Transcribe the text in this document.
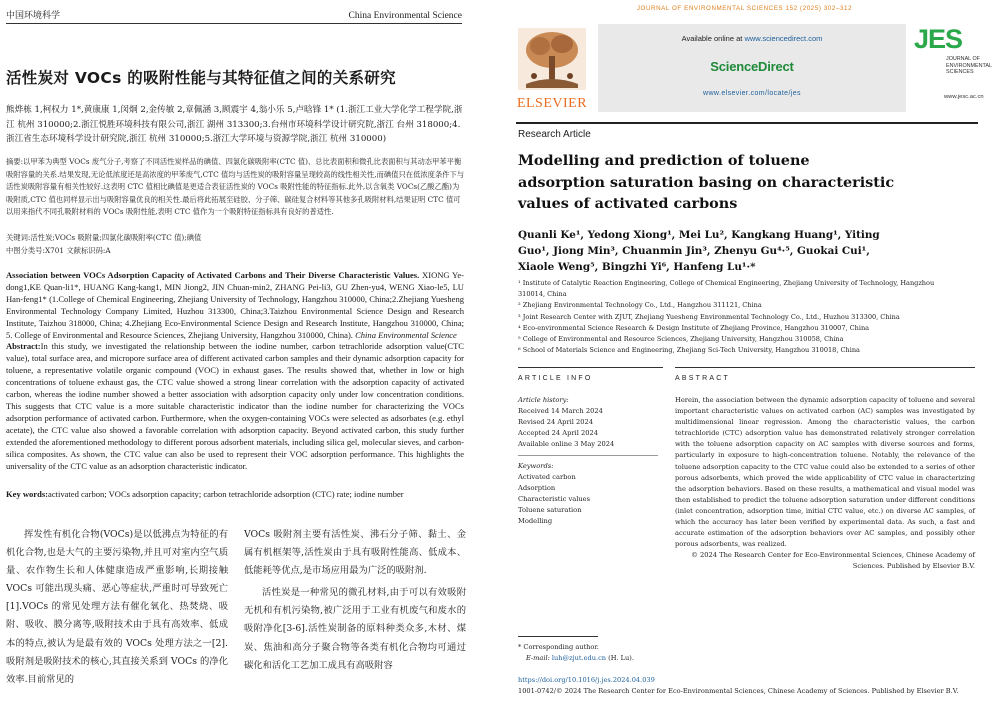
中国环境科学	China Environmental Science
活性炭对 VOCs 的吸附性能与其特征值之间的关系研究
熊烨栋 1,柯权力 1*,黄康康 1,闵炯 2,金传敏 2,章佩涵 3,顾震宇 4,翁小乐 5,卢晗锋 1* (1.浙江工业大学化学工程学院,浙江 杭州 310000;2.浙江悦胜环境科技有限公司,浙江 湖州 313300;3.台州市环境科学设计研究院,浙江 台州 318000;4.浙江省生态环境科学设计研究院,浙江 杭州 310000;5.浙江大学环境与资源学院,浙江 杭州 310000)
摘要:以甲苯为典型 VOCs 废气分子,考察了不同活性炭样品的碘值、四氯化碳吸附率(CTC 值)、总比表面积和微孔比表面积与其动态甲苯平衡吸附容量的关系.结果发现,无论低浓度还是高浓度的甲苯废气,CTC 值均与活性炭的吸附容量呈现较高的线性相关性,而碘值只在低浓度条件下与活性炭吸附容量有相关性较好.这表明 CTC 值相比碘值是更适合表征活性炭的 VOCs 吸附性能的特征指标.此外,以含氧类 VOCs(乙酸乙酯)为吸附质,CTC 值也同样显示出与吸附容量优良的相关性.最后将此拓展至硅胶、分子筛、碳硅复合材料等其他多孔吸附材料,结果证明 CTC 值可以用来指代不同孔吸附材料的 VOCs 吸附性能,表明 CTC 值作为一个吸附特征指标具有良好的普适性.
关键词:活性炭;VOCs 吸附量;四氯化碳吸附率(CTC 值);碘值
中图分类号:X701 文献标识码:A

Association between VOCs Adsorption Capacity of Activated Carbons and Their Diverse Characteristic Values. XIONG Ye-dong1,KE Quan-li1*, HUANG Kang-kang1, MIN Jiong2, JIN Chuan-min2, ZHANG Pei-li3, GU Zhen-yu4, WENG Xiao-le5, LU Han-feng1* (1.College of Chemical Engineering, Zhejiang University of Technology, Hangzhou 310000, China;2.Zhejiang Yuesheng Environmental Technology Company Limited, Huzhou 313300, China;3.Taizhou Environmental Science Design and Research Institute, Taizhou 318000, China; 4.Zhejiang Eco-Environmental Science Design and Research Institute, Hangzhou 310000, China; 5. College of Environmental and Resource Sciences, Zhejiang University, Hangzhou 310000, China). China Environmental Science

Abstract:In this study, we investigated the relationship between the iodine number, carbon tetrachloride adsorption value(CTC value), total surface area, and micropore surface area of different activated carbon samples and their dynamic adsorption capacity for toluene, a representative volatile organic compound (VOC) in exhaust gases. The results showed that, whether in low or high concentrations of toluene exhaust gas, the CTC value showed a strong linear correlation with the adsorption capacity of activated carbon, whereas the iodine number showed a better association with adsorption capacity only under low concentration conditions. This suggests that CTC value is a more suitable characteristic indicator than the iodine number for characterizing the VOCs adsorption performance of activated carbon. Furthermore, when the oxygen-containing VOCs were selected as adsorbates (e.g. ethyl acetate), the CTC value also showed a favorable correlation with adsorption capacity. Beyond activated carbon, this study further extended the aforementioned methodology to different porous adsorbent materials, including silica gel, molecular sieves, and carbon-silica composites. As shown, the CTC value can also be used to represent their VOC adsorption performance. This highlights the universality of the CTC value as an adsorption characteristic indicator.

Key words:activated carbon; VOCs adsorption capacity; carbon tetrachloride adsorption (CTC) rate; iodine number
挥发性有机化合物(VOCs)是以低沸点为特征的有机化合物,也是大气的主要污染物,并且可对室内空气质量、农作物生长和人体健康造成严重影响,长期接触 VOCs 可能出现头痛、恶心等症状,严重时可导致死亡[1].VOCs 的常见处理方法有催化氧化、热焚烧、吸附、吸收、膜分离等,吸附技术由于具有高效率、低成本的特点,被认为是最有效的 VOCs 处理方法之一[2].吸附剂是吸附技术的核心,其直接关系到 VOCs 的净化效率.目前常见的
VOCs 吸附剂主要有活性炭、沸石分子筛、黏土、金属有机框架等,活性炭由于具有吸附性能高、低成本、低能耗等优点,是市场应用最为广泛的吸附剂.
活性炭是一种常见的微孔材料,由于可以有效吸附无机和有机污染物,被广泛用于工业有机废气和废水的吸附净化[3-6].活性炭制备的原料种类众多,木材、煤炭、焦油和高分子聚合物等各类有机化合物均可通过碳化和活化工艺加工成具有高吸附容
JOURNAL OF ENVIRONMENTAL SCIENCES 152 (2025) 302–312
ELSEVIER
Available online at www.sciencedirect.com
ScienceDirect
www.elsevier.com/locate/jes
JES
JOURNAL OF
ENVIRONMENTAL
SCIENCES
www.jesc.ac.cn
Research Article
Modelling and prediction of toluene adsorption saturation basing on characteristic values of activated carbons
Quanli Ke¹, Yedong Xiong¹, Mei Lu², Kangkang Huang¹, Yiting Guo¹, Jiong Min³, Chuanmin Jin³, Zhenyu Gu⁴·⁵, Guokai Cui¹, Xiaole Weng⁵, Bingzhi Yi⁶, Hanfeng Lu¹·*
¹ Institute of Catalytic Reaction Engineering, College of Chemical Engineering, Zhejiang University of Technology, Hangzhou 310014, China
² Zhejiang Environmental Technology Co., Ltd., Hangzhou 311121, China
³ Joint Research Center with ZJUT, Zhejiang Yuesheng Environmental Technology Co., Ltd., Huzhou 313300, China
⁴ Eco-environmental Science Research & Design Institute of Zhejiang Province, Hangzhou 310007, China
⁵ College of Environmental and Resource Sciences, Zhejiang University, Hangzhou 310058, China
⁶ School of Materials Science and Engineering, Zhejiang Sci-Tech University, Hangzhou 310018, China
ARTICLE INFO	ABSTRACT
Article history:
Received 14 March 2024
Revised 24 April 2024
Accepted 24 April 2024
Available online 3 May 2024
Keywords:
Activated carbon
Adsorption
Characteristic values
Toluene saturation
Modelling
Herein, the association between the dynamic adsorption capacity of toluene and several important characteristic values on activated carbon (AC) samples was investigated by multidimensional linear regression. Among the characteristic values, the carbon tetrachloride (CTC) adsorption value has demonstrated relatively stronger correlation with the toluene adsorption capacity on AC samples with diverse sources and forms, particularly in exposure to high-concentration toluene. Notably, the relevance of the toluene adsorption capacity to the CTC value could also be extended to a series of other porous adsorbents, which proved the wide applicability of CTC value in characterizing the adsorption behaviors. Based on these results, a mathematical and visual model was then established to predict the toluene adsorption saturation under different conditions (inlet concentration, adsorption time, initial CTC value, etc.) on diverse AC samples, of which the accuracy has later been verified by experimental data. As such, a fast and accurate estimation of the adsorption behaviors over AC samples, and possibly other porous adsorbents, was realized.
© 2024 The Research Center for Eco-Environmental Sciences, Chinese Academy of Sciences. Published by Elsevier B.V.
* Corresponding author.
E-mail: luh@zjut.edu.cn (H. Lu).
https://doi.org/10.1016/j.jes.2024.04.039
1001-0742/© 2024 The Research Center for Eco-Environmental Sciences, Chinese Academy of Sciences. Published by Elsevier B.V.
